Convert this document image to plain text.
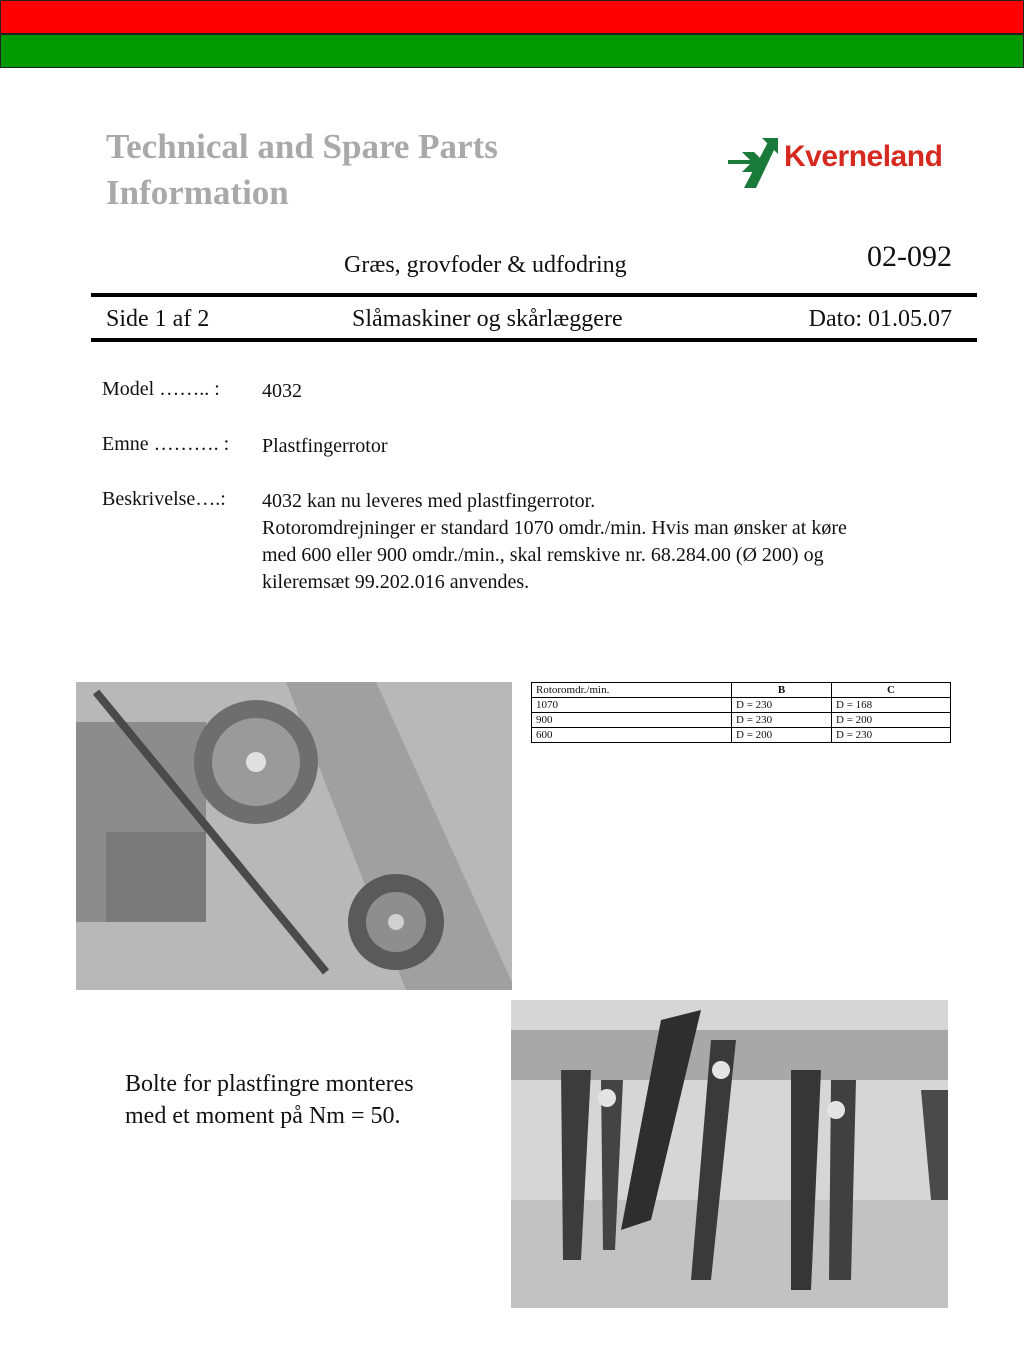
Technical and Spare Parts
Information
Kverneland
Græs, grovfoder & udfodring	02-092
Side 1 af 2	Slåmaskiner og skårlæggere	Dato: 01.05.07
Model …….. : 4032
Emne ………. : Plastfingerrotor
Beskrivelse….: 4032 kan nu leveres med plastfingerrotor.
Rotoromdrejninger er standard 1070 omdr./min. Hvis man ønsker at køre
med 600 eller 900 omdr./min., skal remskive nr. 68.284.00 (Ø 200) og
kileremsæt 99.202.016 anvendes.
Rotoromdr./min.	B	C
1070	D = 230	D = 168
900	D = 230	D = 200
600	D = 200	D = 230
Bolte for plastfingre monteres
med et moment på Nm = 50.
